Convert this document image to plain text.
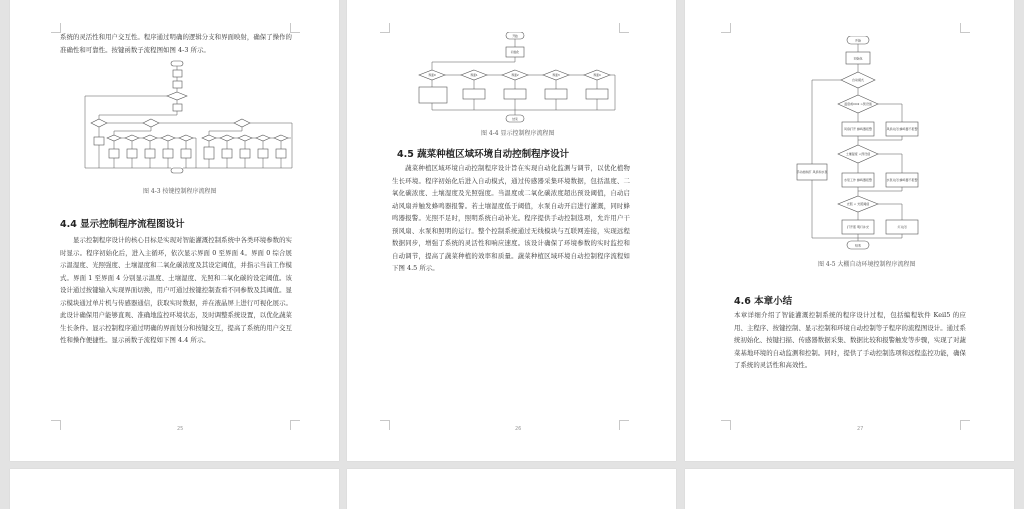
系统的灵活性和用户交互性。程序通过明确的逻辑分支和界面映射，确保了操作的准确性和可靠性。按键函数子流程图如图 4-3 所示。
图 4-3 按键控制程序流程图
4.4 显示控制程序流程图设计
显示控制程序设计的核心目标是实现对智能灌溉控制系统中各类环境参数的实时显示。程序初始化后，进入主循环，依次显示界面 0 至界面 4。界面 0 综合展示温湿度、光照强度、土壤湿度和二氧化碳浓度及其设定阈值，并指示当前工作模式。界面 1 至界面 4 分别显示温度、土壤湿度、光照和二氧化碳的设定阈值。该设计通过按键输入实现界面切换，用户可通过按键控制查看不同参数及其阈值。显示模块通过单片机与传感器通信，获取实时数据，并在液晶屏上进行可视化展示。此设计确保用户能够直观、准确地监控环境状态，及时调整系统设置，以优化蔬菜生长条件。显示控制程序通过明确的界面划分和按键交互，提高了系统的用户交互性和操作便捷性。显示函数子流程如下图 4.4 所示。
25
开始
初始化
界面0	界面1	界面2	界面3	界面4
结束
图 4-4 显示控制程序流程图
4.5 蔬菜种植区域环境自动控制程序设计
蔬菜种植区域环境自动控制程序设计旨在实现自动化监测与调节，以优化植物生长环境。程序初始化后进入自动模式，通过传感器采集环境数据，包括温度、二氧化碳浓度、土壤湿度及光照强度。当温度或二氧化碳浓度超出预设阈值，自动启动风扇并触发蜂鸣器报警。若土壤湿度低于阈值，水泵自动开启进行灌溉，同时蜂鸣器报警。光照不足时，照明系统自动补光。程序提供手动控制选项，允许用户干预风扇、水泵和照明的运行。整个控制系统通过无线模块与互联网连接，实现远程数据同步，增强了系统的灵活性和响应速度。该设计确保了环境参数的实时监控和自动调节，提高了蔬菜种植的效率和质量。蔬菜种植区域环境自动控制程序流程如下图 4.5 所示。
26
开始
初始化
自动模式
温度或CO2 >预设值
风扇打开 蜂鸣器报警	风扇关闭 蜂鸣器不报警
土壤湿度 <预设值
水泵工作 蜂鸣器报警	水泵关闭 蜂鸣器不报警
光照 < 光照阈值
打开照 明灯补光	灯关闭
手动控制打 风扇和水泵
结束
图 4-5 大棚自动环境控制程序流程图
4.6 本章小结
本章详细介绍了智能灌溉控制系统的程序设计过程，包括编程软件 Keil5 的应用、主程序、按键控制、显示控制和环境自动控制等子程序的流程图设计。通过系统初始化、按键扫描、传感器数据采集、数据比较和报警触发等步骤，实现了对蔬菜基地环境的自动监测和控制。同时，提供了手动控制选项和远程监控功能，确保了系统的灵活性和高效性。
27
